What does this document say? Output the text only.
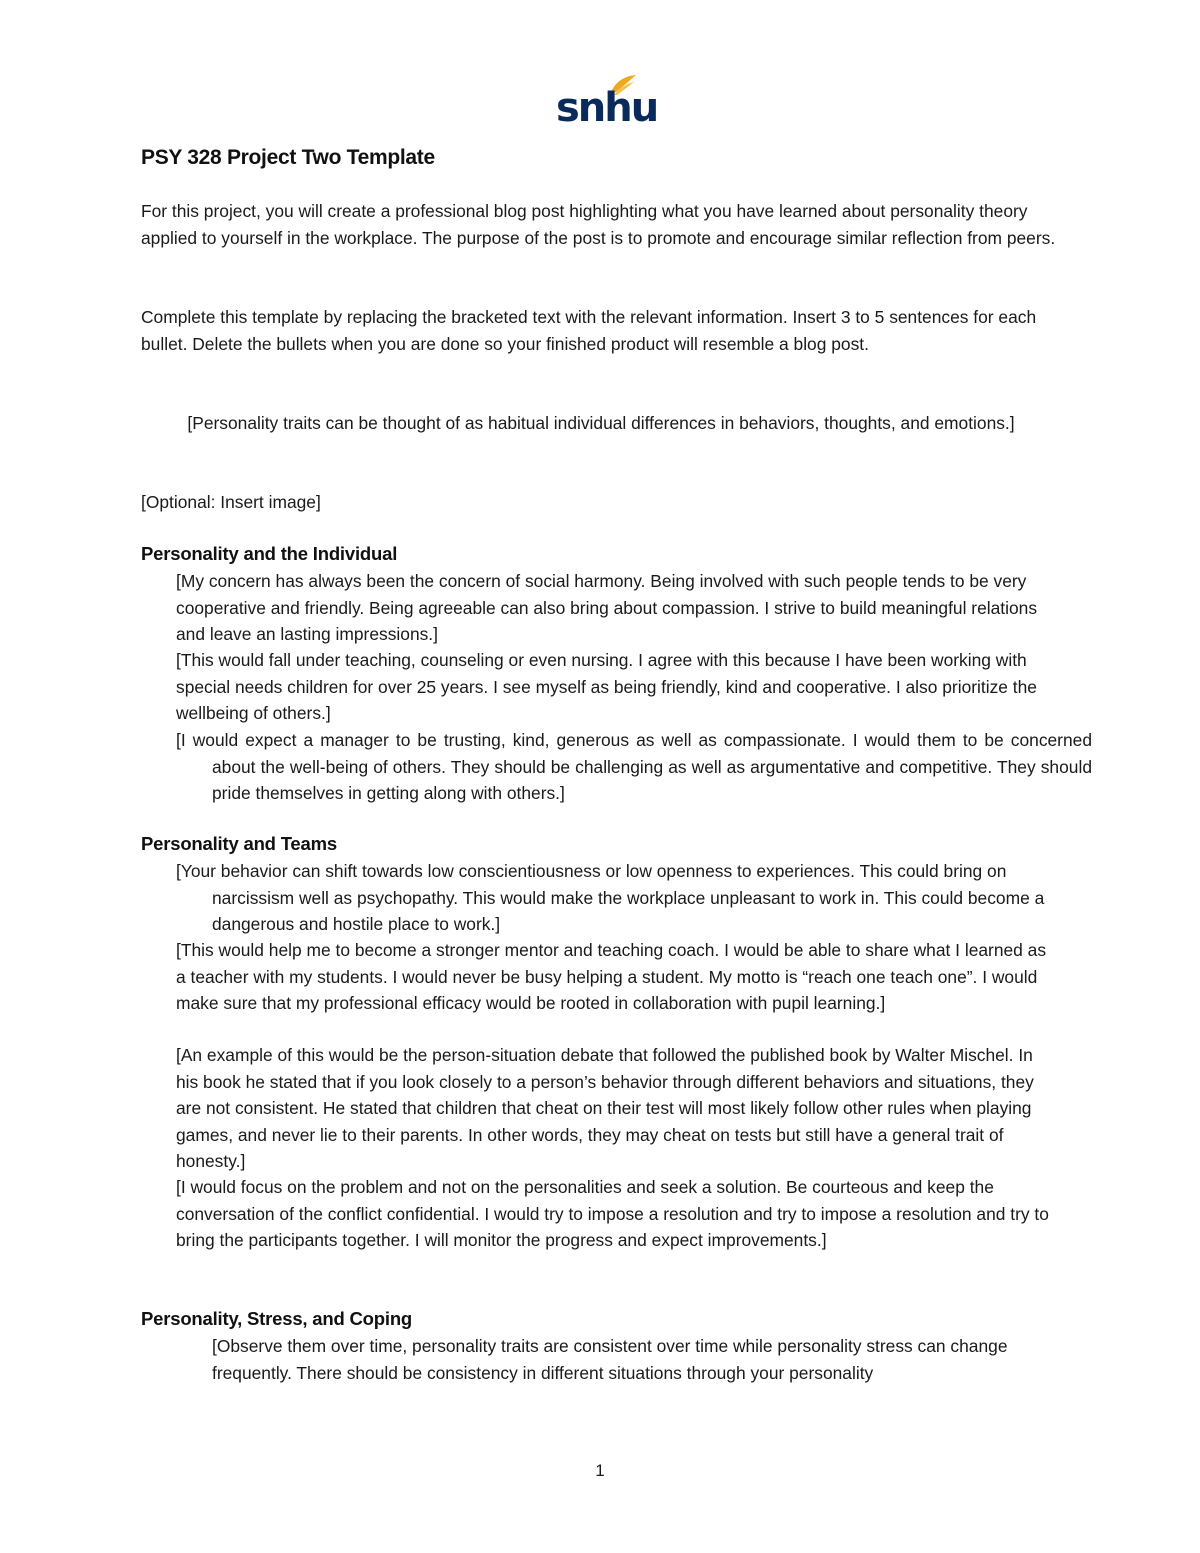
snhu
PSY 328 Project Two Template

For this project, you will create a professional blog post highlighting what you have learned about personality theory applied to yourself in the workplace. The purpose of the post is to promote and encourage similar reflection from peers.

Complete this template by replacing the bracketed text with the relevant information. Insert 3 to 5 sentences for each bullet. Delete the bullets when you are done so your finished product will resemble a blog post.

[Personality traits can be thought of as habitual individual differences in behaviors, thoughts, and emotions.]

[Optional: Insert image]

Personality and the Individual

[My concern has always been the concern of social harmony. Being involved with such people tends to be very cooperative and friendly. Being agreeable can also bring about compassion. I strive to build meaningful relations and leave an lasting impressions.]

[This would fall under teaching, counseling or even nursing. I agree with this because I have been working with special needs children for over 25 years. I see myself as being friendly, kind and cooperative. I also prioritize the wellbeing of others.]

[I would expect a manager to be trusting, kind, generous as well as compassionate. I would them to be concerned about the well-being of others. They should be challenging as well as argumentative and competitive. They should pride themselves in getting along with others.]

Personality and Teams

[Your behavior can shift towards low conscientiousness or low openness to experiences. This could bring on narcissism well as psychopathy. This would make the workplace unpleasant to work in. This could become a dangerous and hostile place to work.]

[This would help me to become a stronger mentor and teaching coach. I would be able to share what I learned as a teacher with my students. I would never be busy helping a student. My motto is “reach one teach one”. I would make sure that my professional efficacy would be rooted in collaboration with pupil learning.]

[An example of this would be the person-situation debate that followed the published book by Walter Mischel. In his book he stated that if you look closely to a person’s behavior through different behaviors and situations, they are not consistent. He stated that children that cheat on their test will most likely follow other rules when playing games, and never lie to their parents. In other words, they may cheat on tests but still have a general trait of honesty.]

[I would focus on the problem and not on the personalities and seek a solution. Be courteous and keep the conversation of the conflict confidential. I would try to impose a resolution and try to impose a resolution and try to bring the participants together. I will monitor the progress and expect improvements.]

Personality, Stress, and Coping

[Observe them over time, personality traits are consistent over time while personality stress can change frequently. There should be consistency in different situations through your personality

1
